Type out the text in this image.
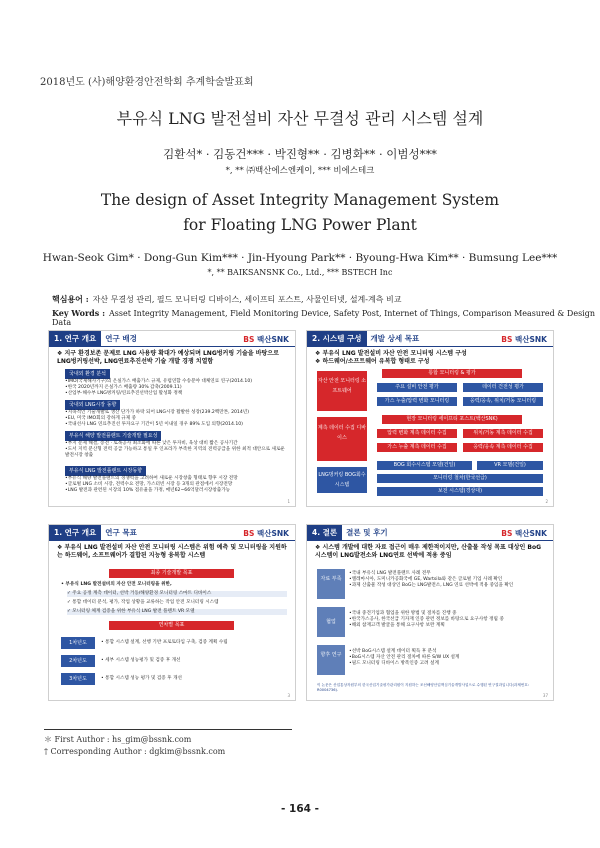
2018년도 (사)해양환경안전학회 추계학술발표회
부유식 LNG 발전설비 자산 무결성 관리 시스템 설계
김환석* · 김동건*** · 박진형** · 김병화** · 이범성***
*, ** ㈜백산에스엔케이, *** 비에스테크
The design of Asset Integrity Management System
for Floating LNG Power Plant
Hwan-Seok Gim* · Dong-Gun Kim*** · Jin-Hyoung Park** · Byoung-Hwa Kim** · Bumsung Lee***
*, ** BAIKSANSNK Co., Ltd., *** BSTECH Inc
핵심용어 : 자산 무결성 관리, 필드 모니터링 디바이스, 세이프티 포스트, 사물인터넷, 설계-계측 비교
Key Words : Asset Integrity Management, Field Monitoring Device, Safety Post, Internet of Things, Comparison Measured & Design Data
1. 연구 개요	연구 배경	BS 백산SNK
❖ 지구 환경보존 문제로 LNG 사용량 확대가 예상되며 LNG벙커링 기술을 바탕으로 LNG벙커링선박, LNG연료추진선박 기술 개발 경쟁 치열함
국내외 환경 분석
•IMO(국제해사기구)의 온실가스 배출가스 규제, 유럽연합 수송분야 대체연료 연구(2014.10)
•한국 2020년까지 온실가스 배출량 30% 감축(2009.11)
•산업부·해수부 LNG벙커링/연료추진선박산업 활성화 정책
국내외 LNG시장 동향
•지속적인 기술개발로 생산 단가가 하락 되어 LNG시장 활발한 성장(239.2백만톤, 2014년)
•EU, 미국 IMO회의 강하게 규제 중
•국내선사 LNG 연료추진선 투자요구 기간이 5년 이내일 경우 89% 도입 의향(2014.10)
부유식 해양 발전플랜트 기술개발 필요성
•부지 문제 해결, 송전 · 토목공사 최소화에 따른 낮은 투자비, 육상 대비 짧은 공사기간
•도서 지역 분산형 전력 공급 가능하고 통일 후 인프라가 부족한 지역의 전력공급을 위한 최적 대안으로 새로운 발전시장 창출
부유식 LNG 발전플랜트 시장동향
•부유식 해양 발전플랜트의 경쟁력을 고려하여 새로운 시장창출 형태로 향후 시장 전망
•글로벌 LNG 소비 시장, 전력수요 전망, 가스터빈 시장 등 3개의 관점에서 시장전망
•LNG 발전과 관련된 시장의 10% 점유율을 가정, 매년62~66억달러시장창출가능
1
2. 시스템 구성	개발 상세 목표	BS 백산SNK
❖ 부유식 LNG 발전설비 자산 안전 모니터링 시스템 구성
❖ 하드웨어/소프트웨어 유복합 형태로 구성
자산 안전 모니터링 소프트웨어
계측 데이터 수집 디바이스
LNG벙커링 BOG회수시스템
통합 모니터링 & 평가
주요 설비 안전 평가	데이터 건전성 평가
가스 누출/압력 변화 모니터링	응력/응속, 위치/거동 모니터링
현장 모니터링 세이프티 포스트(백산SNK)
압력 변화 계측 데이터 수집	위치/거동 계측 데이터 수집
가스 누출 계측 데이터 수집	응력/응속 계측 데이터 수집
BOG 회수시스템 모델(건일)	VR 모델(건일)
모니터링 철차(한국선급)
보전 시스템(경상대)
2
1. 연구 개요	연구 목표	BS 백산SNK
❖ 부유식 LNG 발전설비 자산 안전 모니터링 시스템은 위험 예측 및 모니터링을 지원하는 하드웨어, 소프트웨어가 결합된 지능형 융복합 시스템
최종 기술개발 목표
• 부유식 LNG 발전설비의 자산 안전 모니터링을 위한,
✓ 주요 공정 계측 데이터, 선박 거동/해양환경 모니터링 스마트 디바이스
✓ 통합 데이터 분석, 평가, 작업 상황을 교류하는 작업 안전 모니터링 시스템
✓ 모니터링 체계 검증을 위한 부유식 LNG 발전 플랜트 VR 모델
연차별 목표
1차년도	• 통합 시스템 설계, 선행 기반 프로토타입 구축, 검증 계획 수립
2차년도	• 세부 시스템 성능평가 및 검증 후 개선
3차년도	• 통합 시스템 성능 평가 및 검증 후 개선
3
4. 결론	결론 및 후기	BS 백산SNK
❖ 시스템 개발에 대한 자료 접근이 매우 제한적이지만, 산출물 작성 목표 대상인 BoG시스템이 LNG발전소와 LNG연료 선박에 적용 중임
자료 부족
•국내 부유식 LNG 발전플랜트 사례 전무
•엘레마시아, 도미니카공화국에 GE, Wartsila와 같은 글로벌 기업 사례 확인
•과제 산출물 작성 대상인 BoG는 LNG발전소, LNG 연료 선박에 적용 중임을 확인
협업
•국내 중견기업과 협업을 위한 방법 및 절차를 진행 중
•한국가스공사, 한국선급 기자재 인증 관련 정보를 바탕으로 요구사항 정립 중
•해외 참재고객 발굴을 통해 요구사항 보완 계획
향후 연구
•선박 BoG시스템 설계 데이터 획득 후 분석
•BoG시스템 자산 안전 관리 절차에 따른 S/W UX 설계
•필드 모니터링 디바이스 방폭인증 고려 설계
이 논문은 산업통상자원부의 한국산업기술평가관리원이 지원하는 조선해양산업핵심기술개발사업으로 수행된 연구결과입니다(과제번호: R0004736).
37
＊ First Author : hs_gim@bssnk.com
† Corresponding Author : dgkim@bssnk.com
- 164 -
